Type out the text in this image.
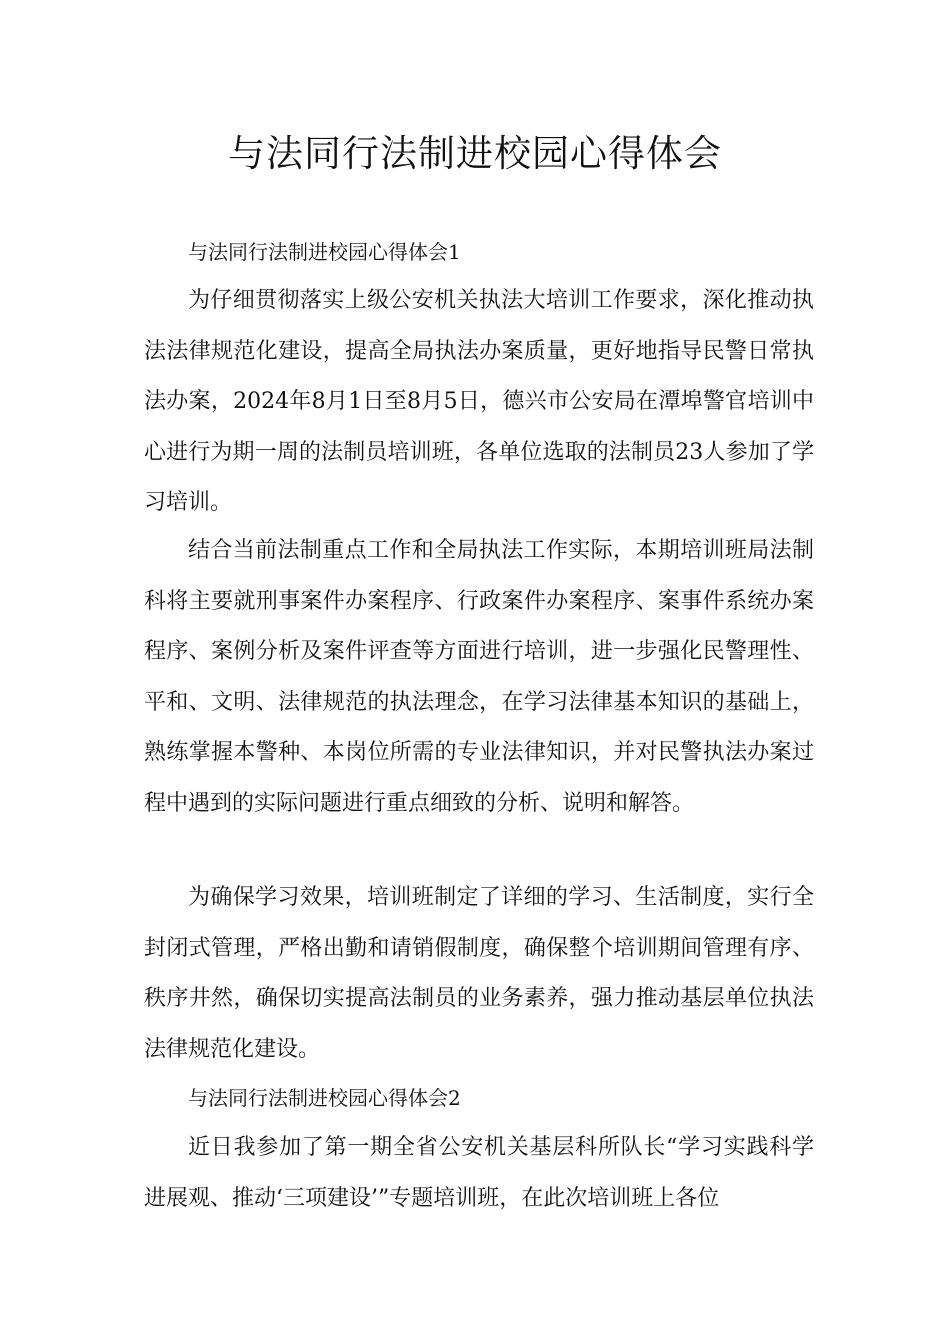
与法同行法制进校园心得体会

与法同行法制进校园心得体会1

为仔细贯彻落实上级公安机关执法大培训工作要求，深化推动执法法律规范化建设，提高全局执法办案质量，更好地指导民警日常执法办案，2024年8月1日至8月5日，德兴市公安局在潭埠警官培训中心进行为期一周的法制员培训班，各单位选取的法制员23人参加了学习培训。

结合当前法制重点工作和全局执法工作实际，本期培训班局法制科将主要就刑事案件办案程序、行政案件办案程序、案事件系统办案程序、案例分析及案件评查等方面进行培训，进一步强化民警理性、平和、文明、法律规范的执法理念，在学习法律基本知识的基础上，熟练掌握本警种、本岗位所需的专业法律知识，并对民警执法办案过程中遇到的实际问题进行重点细致的分析、说明和解答。

为确保学习效果，培训班制定了详细的学习、生活制度，实行全封闭式管理，严格出勤和请销假制度，确保整个培训期间管理有序、秩序井然，确保切实提高法制员的业务素养，强力推动基层单位执法法律规范化建设。

与法同行法制进校园心得体会2

近日我参加了第一期全省公安机关基层科所队长“学习实践科学进展观、推动‘三项建设’”专题培训班，在此次培训班上各位
